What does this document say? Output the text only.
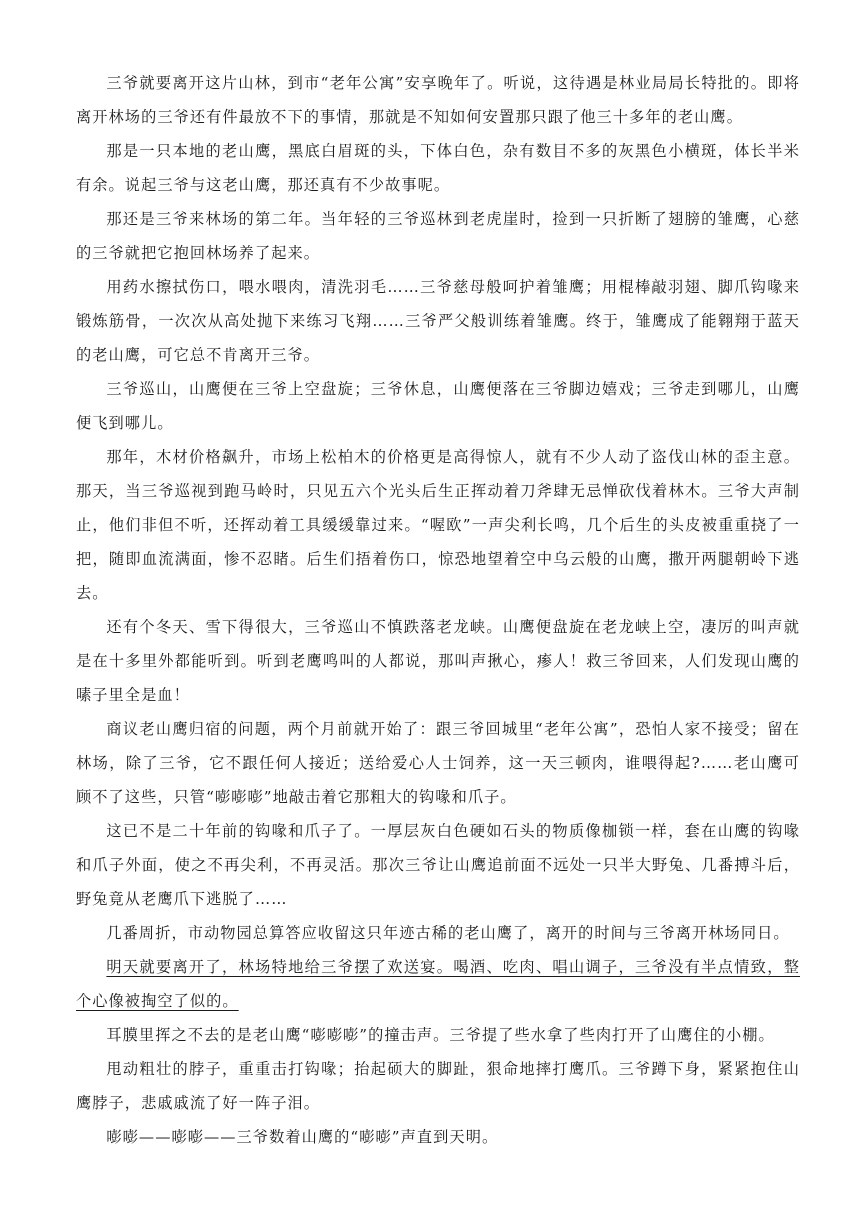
三爷就要离开这片山林，到市“老年公寓”安享晚年了。听说，这待遇是林业局局长特批的。即将离开林场的三爷还有件最放不下的事情，那就是不知如何安置那只跟了他三十多年的老山鹰。

那是一只本地的老山鹰，黑底白眉斑的头，下体白色，杂有数目不多的灰黑色小横斑，体长半米有余。说起三爷与这老山鹰，那还真有不少故事呢。

那还是三爷来林场的第二年。当年轻的三爷巡林到老虎崖时，捡到一只折断了翅膀的雏鹰，心慈的三爷就把它抱回林场养了起来。

用药水擦拭伤口，喂水喂肉，清洗羽毛……三爷慈母般呵护着雏鹰；用棍棒敲羽翅、脚爪钩喙来锻炼筋骨，一次次从高处抛下来练习飞翔……三爷严父般训练着雏鹰。终于，雏鹰成了能翱翔于蓝天的老山鹰，可它总不肯离开三爷。

三爷巡山，山鹰便在三爷上空盘旋；三爷休息，山鹰便落在三爷脚边嬉戏；三爷走到哪儿，山鹰便飞到哪儿。

那年，木材价格飙升，市场上松柏木的价格更是高得惊人，就有不少人动了盗伐山林的歪主意。那天，当三爷巡视到跑马岭时，只见五六个光头后生正挥动着刀斧肆无忌惮砍伐着林木。三爷大声制止，他们非但不听，还挥动着工具缓缓靠过来。“喔欧”一声尖利长鸣，几个后生的头皮被重重挠了一把，随即血流满面，惨不忍睹。后生们捂着伤口，惊恐地望着空中乌云般的山鹰，撒开两腿朝岭下逃去。

还有个冬天、雪下得很大，三爷巡山不慎跌落老龙峡。山鹰便盘旋在老龙峡上空，凄厉的叫声就是在十多里外都能听到。听到老鹰鸣叫的人都说，那叫声揪心，瘆人！救三爷回来，人们发现山鹰的嗉子里全是血！

商议老山鹰归宿的问题，两个月前就开始了：跟三爷回城里“老年公寓”，恐怕人家不接受；留在林场，除了三爷，它不跟任何人接近；送给爱心人士饲养，这一天三顿肉，谁喂得起?……老山鹰可顾不了这些，只管“嘭嘭嘭”地敲击着它那粗大的钩喙和爪子。

这已不是二十年前的钩喙和爪子了。一厚层灰白色硬如石头的物质像枷锁一样，套在山鹰的钩喙和爪子外面，使之不再尖利，不再灵活。那次三爷让山鹰追前面不远处一只半大野兔、几番搏斗后，野兔竟从老鹰爪下逃脱了……

几番周折，市动物园总算答应收留这只年迹古稀的老山鹰了，离开的时间与三爷离开林场同日。

明天就要离开了，林场特地给三爷摆了欢送宴。喝酒、吃肉、唱山调子，三爷没有半点情致，整个心像被掏空了似的。

耳膜里挥之不去的是老山鹰“嘭嘭嘭”的撞击声。三爷提了些水拿了些肉打开了山鹰住的小棚。

甩动粗壮的脖子，重重击打钩喙；抬起硕大的脚趾，狠命地摔打鹰爪。三爷蹲下身，紧紧抱住山鹰脖子，悲戚戚流了好一阵子泪。

嘭嘭——嘭嘭——三爷数着山鹰的“嘭嘭”声直到天明。
